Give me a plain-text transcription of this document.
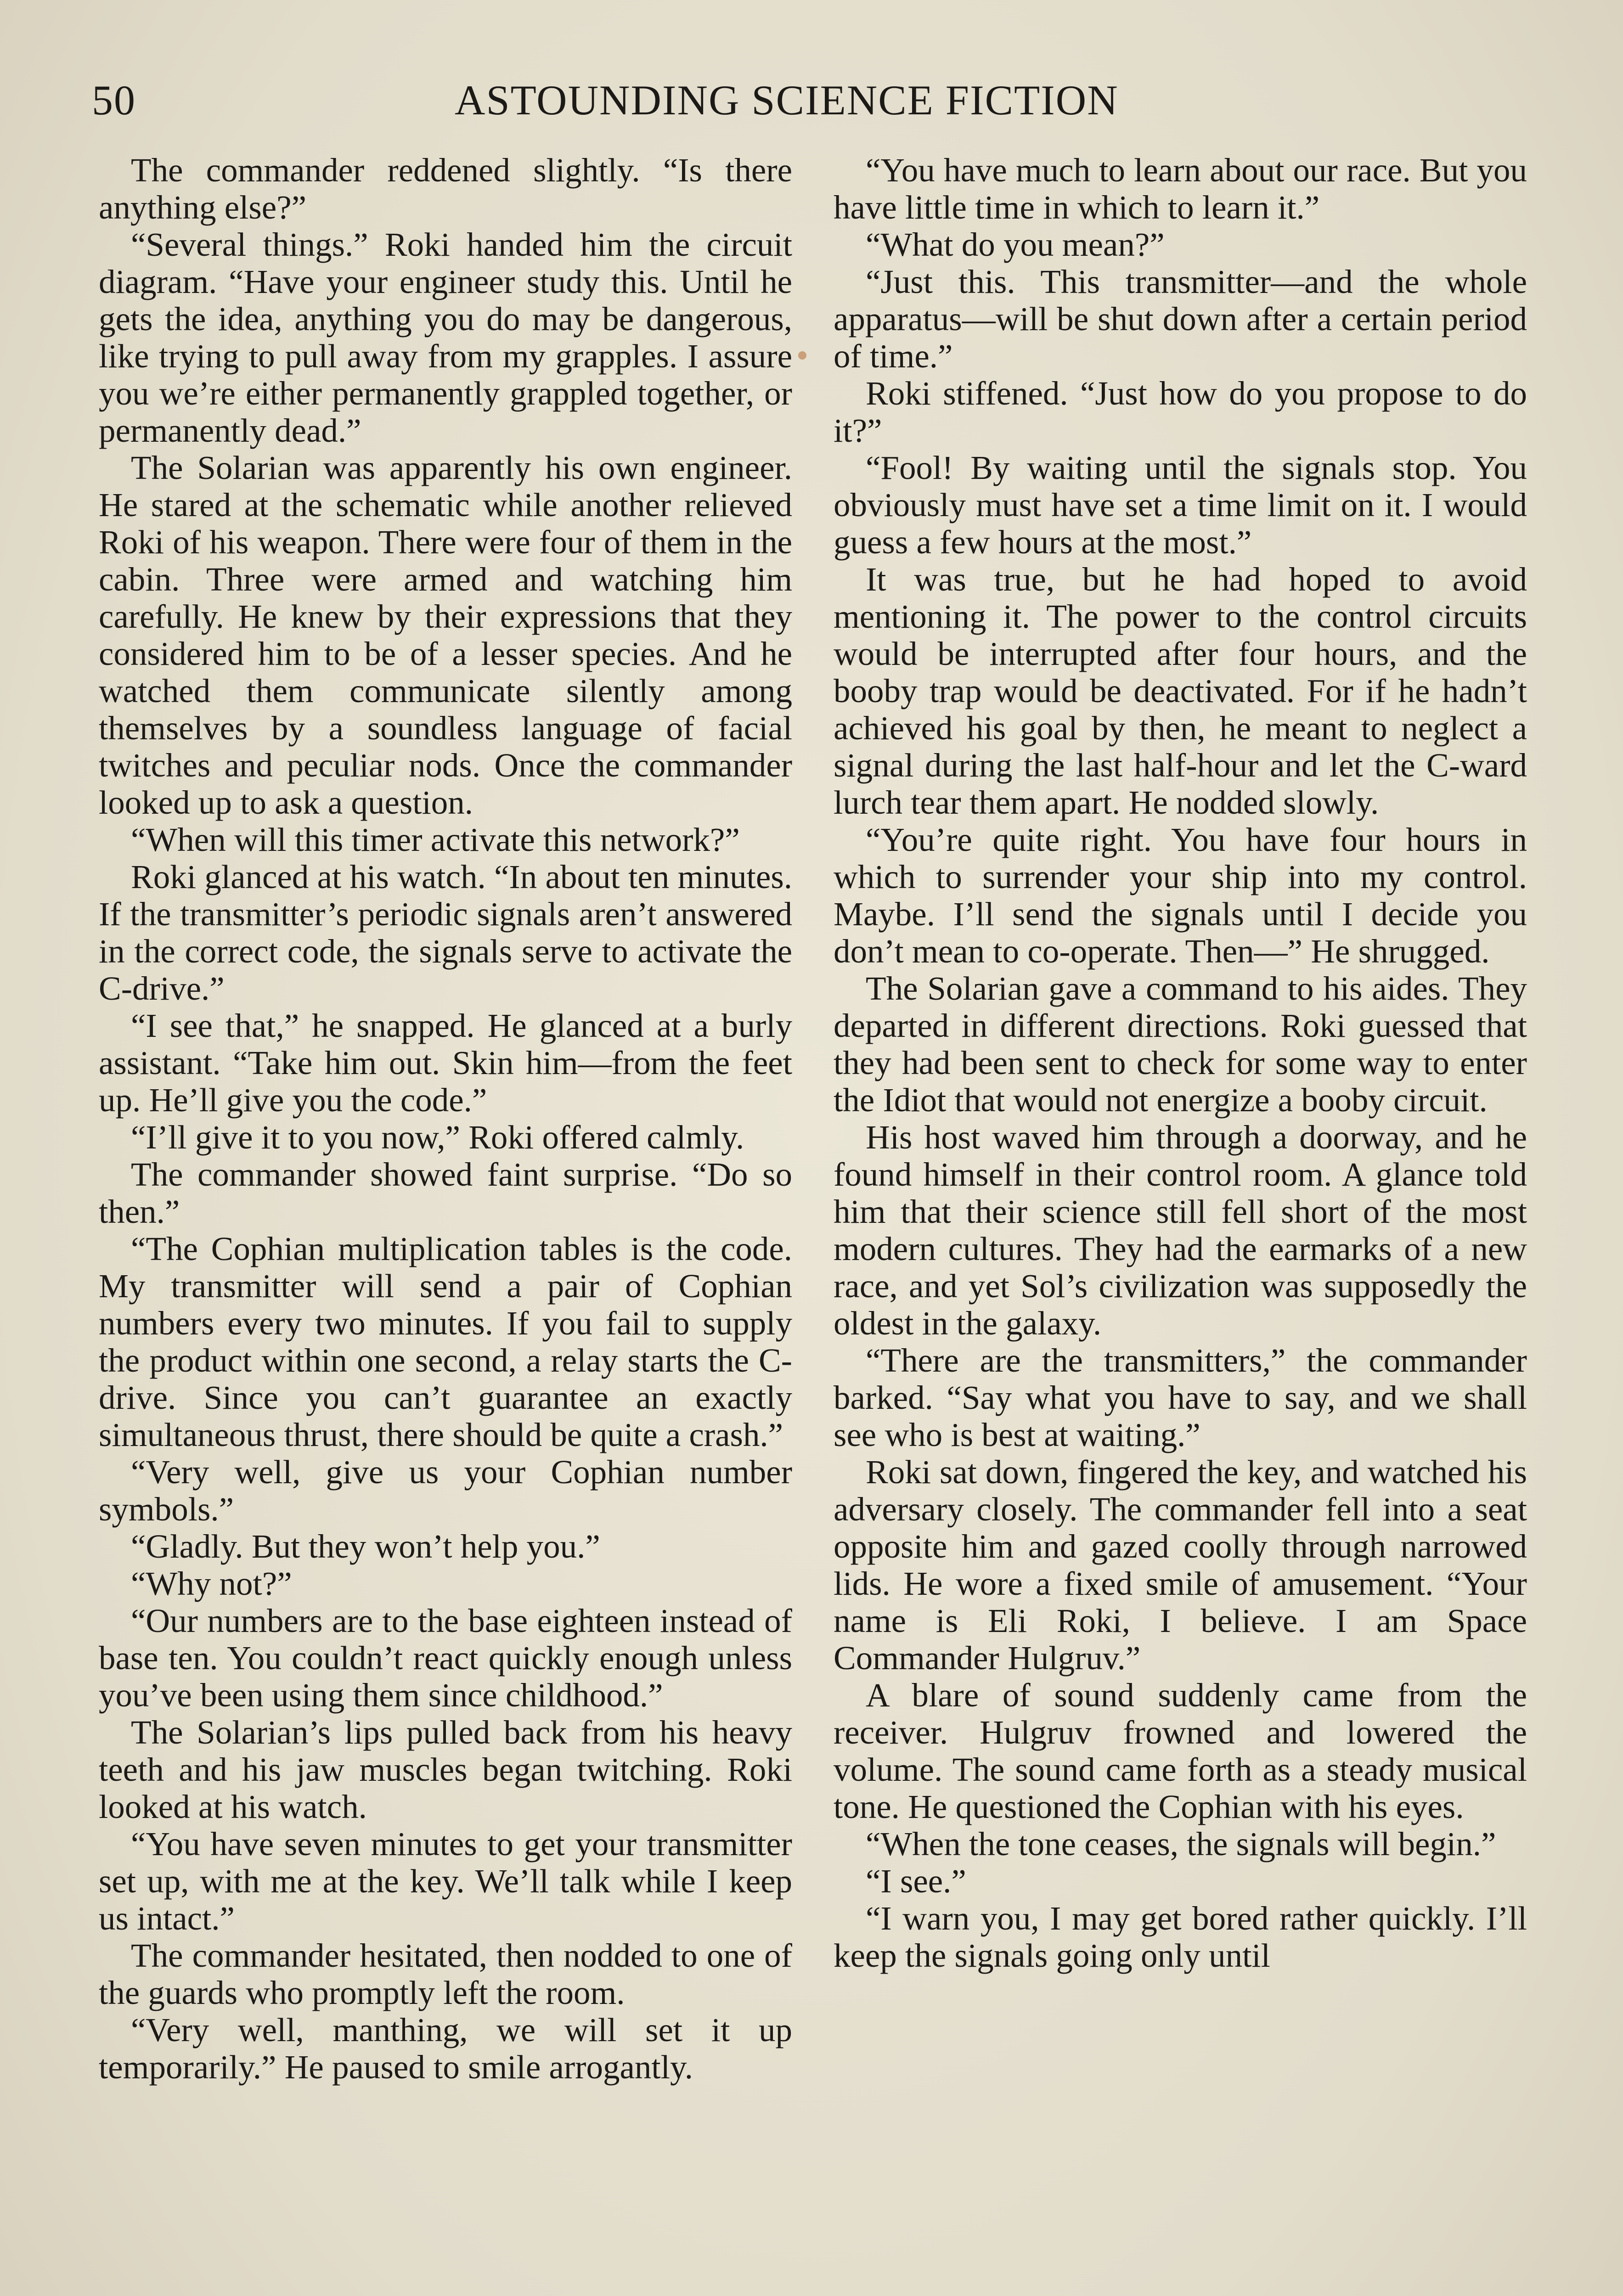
50	ASTOUNDING SCIENCE FICTION

The commander reddened slightly. “Is there anything else?”

“Several things.” Roki handed him the circuit diagram. “Have your engineer study this. Until he gets the idea, anything you do may be dangerous, like trying to pull away from my grapples. I assure you we’re either permanently grappled together, or permanently dead.”

The Solarian was apparently his own engineer. He stared at the schematic while another relieved Roki of his weapon. There were four of them in the cabin. Three were armed and watching him carefully. He knew by their expressions that they considered him to be of a lesser species. And he watched them communicate silently among themselves by a soundless language of facial twitches and peculiar nods. Once the commander looked up to ask a question.

“When will this timer activate this network?”

Roki glanced at his watch. “In about ten minutes. If the transmitter’s periodic signals aren’t answered in the correct code, the signals serve to activate the C-drive.”

“I see that,” he snapped. He glanced at a burly assistant. “Take him out. Skin him—from the feet up. He’ll give you the code.”

“I’ll give it to you now,” Roki offered calmly.

The commander showed faint surprise. “Do so then.”

“The Cophian multiplication tables is the code. My transmitter will send a pair of Cophian numbers every two minutes. If you fail to supply the product within one second, a relay starts the C-drive. Since you can’t guarantee an exactly simultaneous thrust, there should be quite a crash.”

“Very well, give us your Cophian number symbols.”

“Gladly. But they won’t help you.”

“Why not?”

“Our numbers are to the base eighteen instead of base ten. You couldn’t react quickly enough unless you’ve been using them since childhood.”

The Solarian’s lips pulled back from his heavy teeth and his jaw muscles began twitching. Roki looked at his watch.

“You have seven minutes to get your transmitter set up, with me at the key. We’ll talk while I keep us intact.”

The commander hesitated, then nodded to one of the guards who promptly left the room.

“Very well, manthing, we will set it up temporarily.” He paused to smile arrogantly.

“You have much to learn about our race. But you have little time in which to learn it.”

“What do you mean?”

“Just this. This transmitter—and the whole apparatus—will be shut down after a certain period of time.”

Roki stiffened. “Just how do you propose to do it?”

“Fool! By waiting until the signals stop. You obviously must have set a time limit on it. I would guess a few hours at the most.”

It was true, but he had hoped to avoid mentioning it. The power to the control circuits would be interrupted after four hours, and the booby trap would be deactivated. For if he hadn’t achieved his goal by then, he meant to neglect a signal during the last half-hour and let the C-ward lurch tear them apart. He nodded slowly.

“You’re quite right. You have four hours in which to surrender your ship into my control. Maybe. I’ll send the signals until I decide you don’t mean to co-operate. Then—” He shrugged.

The Solarian gave a command to his aides. They departed in different directions. Roki guessed that they had been sent to check for some way to enter the Idiot that would not energize a booby circuit.

His host waved him through a doorway, and he found himself in their control room. A glance told him that their science still fell short of the most modern cultures. They had the earmarks of a new race, and yet Sol’s civilization was supposedly the oldest in the galaxy.

“There are the transmitters,” the commander barked. “Say what you have to say, and we shall see who is best at waiting.”

Roki sat down, fingered the key, and watched his adversary closely. The commander fell into a seat opposite him and gazed coolly through narrowed lids. He wore a fixed smile of amusement. “Your name is Eli Roki, I believe. I am Space Commander Hulgruv.”

A blare of sound suddenly came from the receiver. Hulgruv frowned and lowered the volume. The sound came forth as a steady musical tone. He questioned the Cophian with his eyes.

“When the tone ceases, the signals will begin.”

“I see.”

“I warn you, I may get bored rather quickly. I’ll keep the signals going only until
